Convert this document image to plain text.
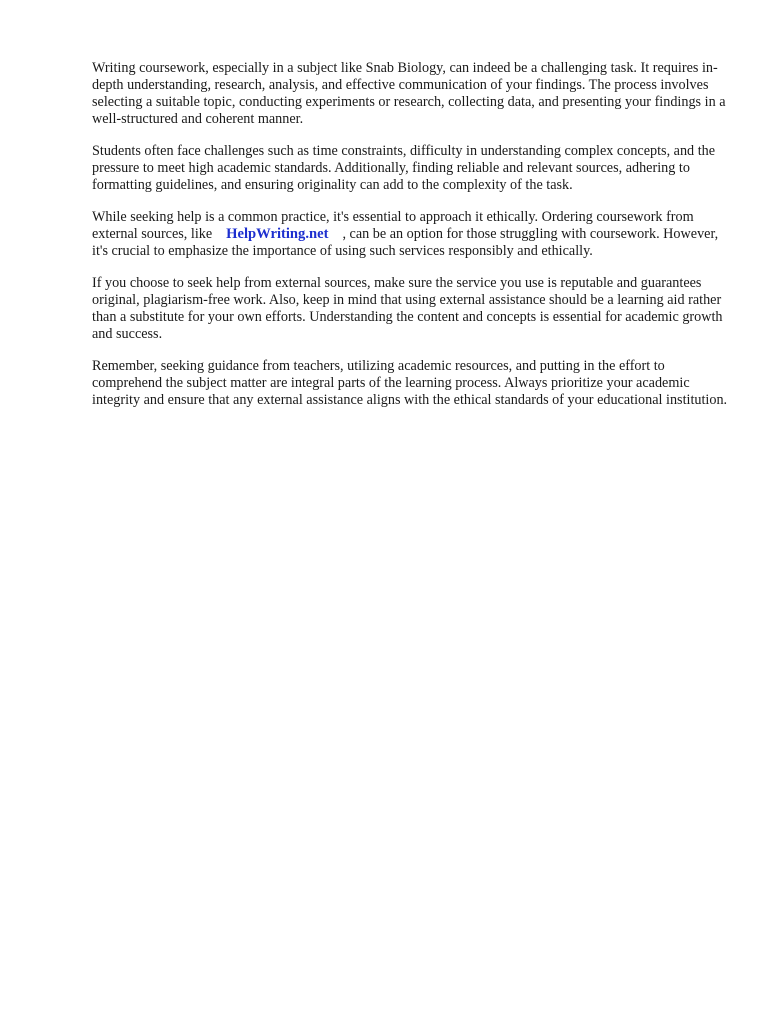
Writing coursework, especially in a subject like Snab Biology, can indeed be a challenging task. It requires in-depth understanding, research, analysis, and effective communication of your findings. The process involves selecting a suitable topic, conducting experiments or research, collecting data, and presenting your findings in a well-structured and coherent manner.

Students often face challenges such as time constraints, difficulty in understanding complex concepts, and the pressure to meet high academic standards. Additionally, finding reliable and relevant sources, adhering to formatting guidelines, and ensuring originality can add to the complexity of the task.

While seeking help is a common practice, it's essential to approach it ethically. Ordering coursework from external sources, like HelpWriting.net , can be an option for those struggling with coursework. However, it's crucial to emphasize the importance of using such services responsibly and ethically.

If you choose to seek help from external sources, make sure the service you use is reputable and guarantees original, plagiarism-free work. Also, keep in mind that using external assistance should be a learning aid rather than a substitute for your own efforts. Understanding the content and concepts is essential for academic growth and success.

Remember, seeking guidance from teachers, utilizing academic resources, and putting in the effort to comprehend the subject matter are integral parts of the learning process. Always prioritize your academic integrity and ensure that any external assistance aligns with the ethical standards of your educational institution.
